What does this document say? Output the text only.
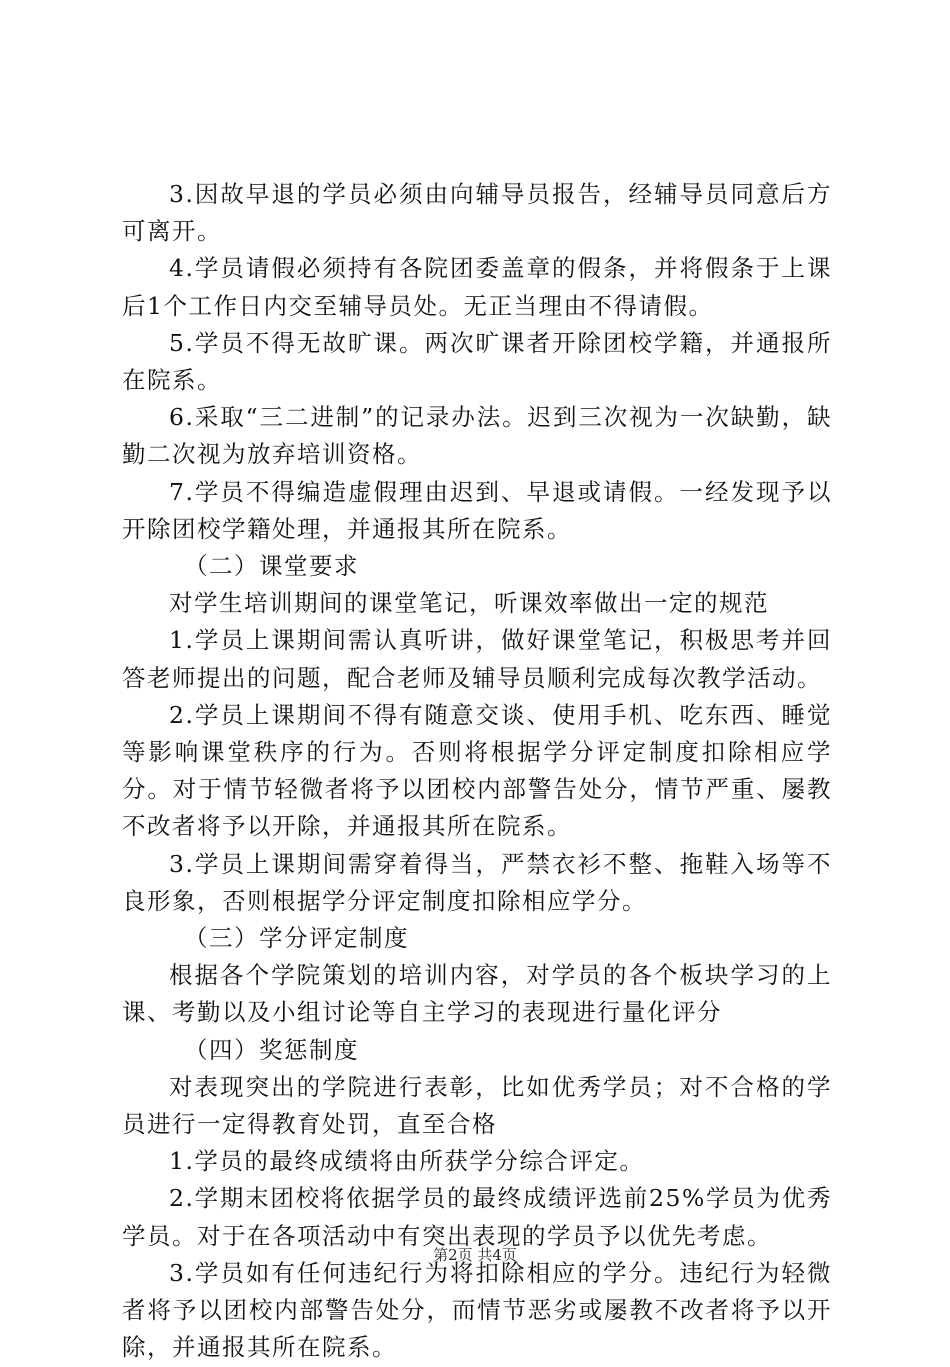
3.因故早退的学员必须由向辅导员报告，经辅导员同意后方可离开。

4.学员请假必须持有各院团委盖章的假条，并将假条于上课后1个工作日内交至辅导员处。无正当理由不得请假。

5.学员不得无故旷课。两次旷课者开除团校学籍，并通报所在院系。

6.采取“三二进制”的记录办法。迟到三次视为一次缺勤，缺勤二次视为放弃培训资格。

7.学员不得编造虚假理由迟到、早退或请假。一经发现予以开除团校学籍处理，并通报其所在院系。

（二）课堂要求

对学生培训期间的课堂笔记，听课效率做出一定的规范

1.学员上课期间需认真听讲，做好课堂笔记，积极思考并回答老师提出的问题，配合老师及辅导员顺利完成每次教学活动。

2.学员上课期间不得有随意交谈、使用手机、吃东西、睡觉等影响课堂秩序的行为。否则将根据学分评定制度扣除相应学分。对于情节轻微者将予以团校内部警告处分，情节严重、屡教不改者将予以开除，并通报其所在院系。

3.学员上课期间需穿着得当，严禁衣衫不整、拖鞋入场等不良形象，否则根据学分评定制度扣除相应学分。

（三）学分评定制度

根据各个学院策划的培训内容，对学员的各个板块学习的上课、考勤以及小组讨论等自主学习的表现进行量化评分

（四）奖惩制度

对表现突出的学院进行表彰，比如优秀学员；对不合格的学员进行一定得教育处罚，直至合格

1.学员的最终成绩将由所获学分综合评定。

2.学期末团校将依据学员的最终成绩评选前25%学员为优秀学员。对于在各项活动中有突出表现的学员予以优先考虑。

3.学员如有任何违纪行为将扣除相应的学分。违纪行为轻微者将予以团校内部警告处分，而情节恶劣或屡教不改者将予以开除，并通报其所在院系。

第2页 共4页
